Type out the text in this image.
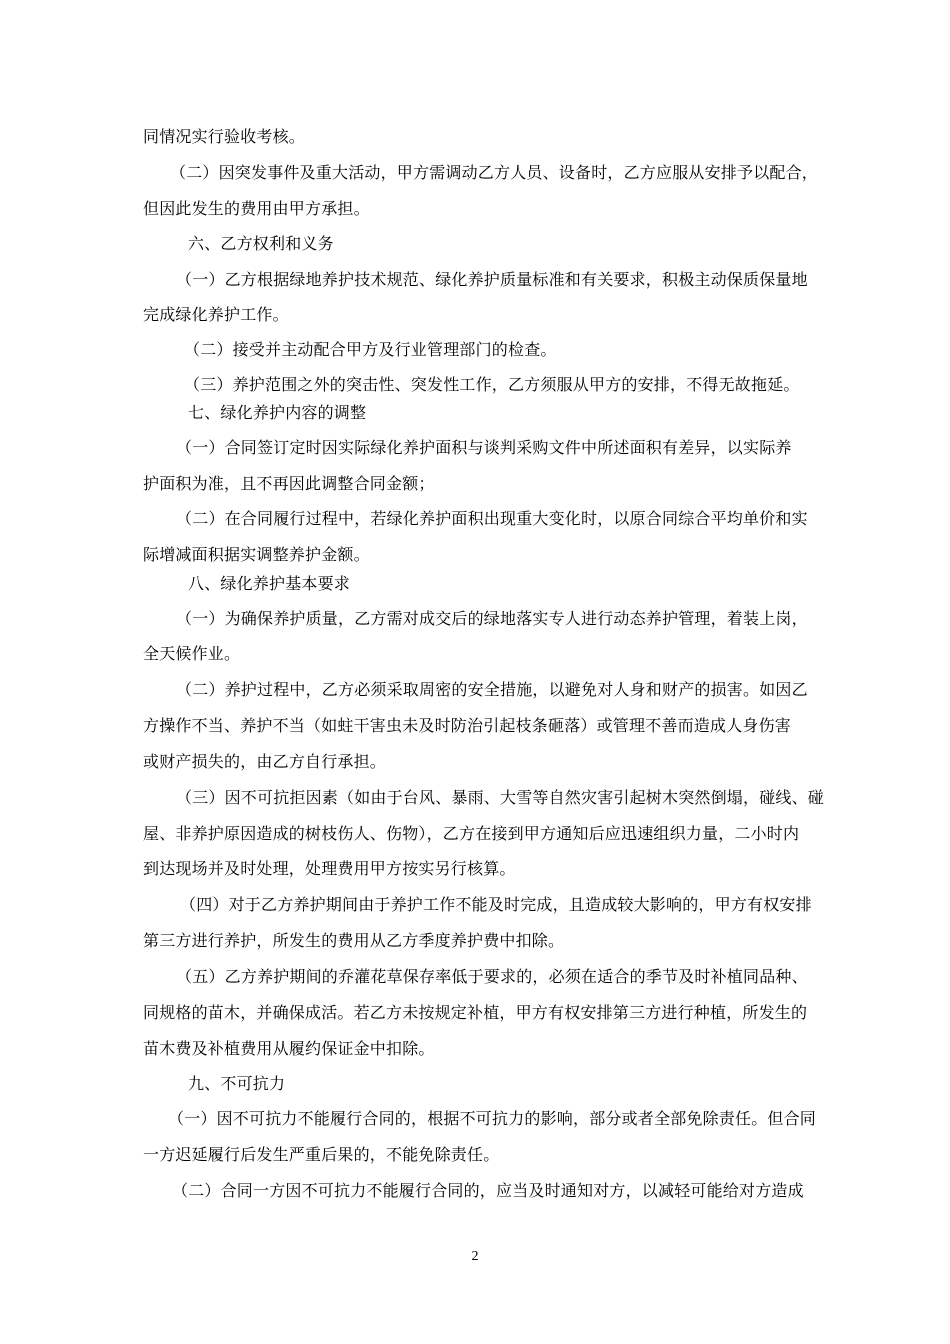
同情况实行验收考核。
（二）因突发事件及重大活动，甲方需调动乙方人员、设备时，乙方应服从安排予以配合，
但因此发生的费用由甲方承担。
六、乙方权利和义务
（一）乙方根据绿地养护技术规范、绿化养护质量标准和有关要求，积极主动保质保量地
完成绿化养护工作。
（二）接受并主动配合甲方及行业管理部门的检查。
（三）养护范围之外的突击性、突发性工作，乙方须服从甲方的安排，不得无故拖延。
七、绿化养护内容的调整
（一）合同签订定时因实际绿化养护面积与谈判采购文件中所述面积有差异，以实际养
护面积为准，且不再因此调整合同金额；
（二）在合同履行过程中，若绿化养护面积出现重大变化时，以原合同综合平均单价和实
际增减面积据实调整养护金额。
八、绿化养护基本要求
（一）为确保养护质量，乙方需对成交后的绿地落实专人进行动态养护管理，着装上岗，
全天候作业。
（二）养护过程中，乙方必须采取周密的安全措施，以避免对人身和财产的损害。如因乙
方操作不当、养护不当（如蛀干害虫未及时防治引起枝条砸落）或管理不善而造成人身伤害
或财产损失的，由乙方自行承担。
（三）因不可抗拒因素（如由于台风、暴雨、大雪等自然灾害引起树木突然倒塌，碰线、碰
屋、非养护原因造成的树枝伤人、伤物），乙方在接到甲方通知后应迅速组织力量，二小时内
到达现场并及时处理，处理费用甲方按实另行核算。
（四）对于乙方养护期间由于养护工作不能及时完成，且造成较大影响的，甲方有权安排
第三方进行养护，所发生的费用从乙方季度养护费中扣除。
（五）乙方养护期间的乔灌花草保存率低于要求的，必须在适合的季节及时补植同品种、
同规格的苗木，并确保成活。若乙方未按规定补植，甲方有权安排第三方进行种植，所发生的
苗木费及补植费用从履约保证金中扣除。
九、不可抗力
（一）因不可抗力不能履行合同的，根据不可抗力的影响，部分或者全部免除责任。但合同
一方迟延履行后发生严重后果的，不能免除责任。
（二）合同一方因不可抗力不能履行合同的，应当及时通知对方，以减轻可能给对方造成
2
